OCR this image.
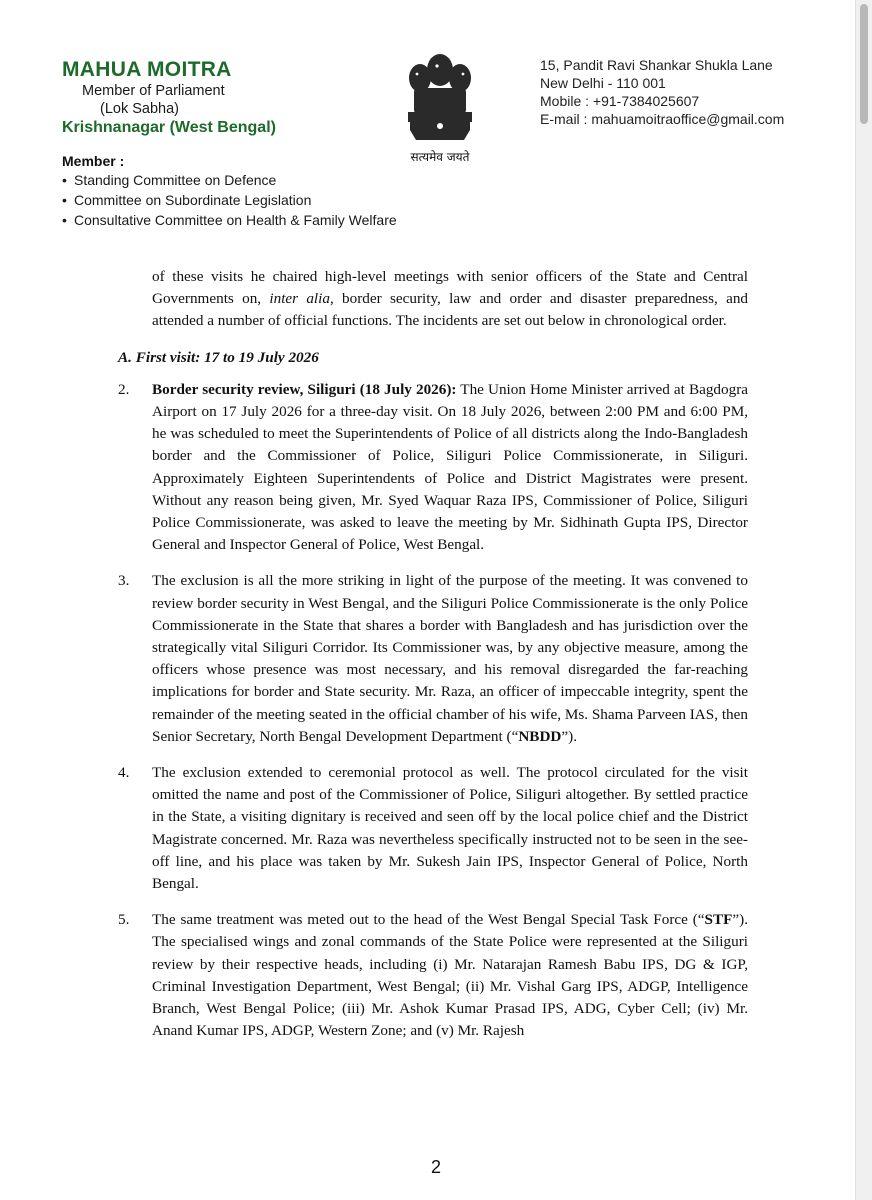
MAHUA MOITRA
Member of Parliament
(Lok Sabha)
Krishnanagar (West Bengal)
Member :
• Standing Committee on Defence
• Committee on Subordinate Legislation
• Consultative Committee on Health & Family Welfare
सत्यमेव जयते
15, Pandit Ravi Shankar Shukla Lane
New Delhi - 110 001
Mobile : +91-7384025607
E-mail : mahuamoitraoffice@gmail.com

of these visits he chaired high-level meetings with senior officers of the State and Central Governments on, inter alia, border security, law and order and disaster preparedness, and attended a number of official functions. The incidents are set out below in chronological order.

A. First visit: 17 to 19 July 2026

2.	Border security review, Siliguri (18 July 2026): The Union Home Minister arrived at Bagdogra Airport on 17 July 2026 for a three-day visit. On 18 July 2026, between 2:00 PM and 6:00 PM, he was scheduled to meet the Superintendents of Police of all districts along the Indo-Bangladesh border and the Commissioner of Police, Siliguri Police Commissionerate, in Siliguri. Approximately Eighteen Superintendents of Police and District Magistrates were present. Without any reason being given, Mr. Syed Waquar Raza IPS, Commissioner of Police, Siliguri Police Commissionerate, was asked to leave the meeting by Mr. Sidhinath Gupta IPS, Director General and Inspector General of Police, West Bengal.

3.	The exclusion is all the more striking in light of the purpose of the meeting. It was convened to review border security in West Bengal, and the Siliguri Police Commissionerate is the only Police Commissionerate in the State that shares a border with Bangladesh and has jurisdiction over the strategically vital Siliguri Corridor. Its Commissioner was, by any objective measure, among the officers whose presence was most necessary, and his removal disregarded the far-reaching implications for border and State security. Mr. Raza, an officer of impeccable integrity, spent the remainder of the meeting seated in the official chamber of his wife, Ms. Shama Parveen IAS, then Senior Secretary, North Bengal Development Department (“NBDD”).

4.	The exclusion extended to ceremonial protocol as well. The protocol circulated for the visit omitted the name and post of the Commissioner of Police, Siliguri altogether. By settled practice in the State, a visiting dignitary is received and seen off by the local police chief and the District Magistrate concerned. Mr. Raza was nevertheless specifically instructed not to be seen in the see-off line, and his place was taken by Mr. Sukesh Jain IPS, Inspector General of Police, North Bengal.

5.	The same treatment was meted out to the head of the West Bengal Special Task Force (“STF”). The specialised wings and zonal commands of the State Police were represented at the Siliguri review by their respective heads, including (i) Mr. Natarajan Ramesh Babu IPS, DG & IGP, Criminal Investigation Department, West Bengal; (ii) Mr. Vishal Garg IPS, ADGP, Intelligence Branch, West Bengal Police; (iii) Mr. Ashok Kumar Prasad IPS, ADG, Cyber Cell; (iv) Mr. Anand Kumar IPS, ADGP, Western Zone; and (v) Mr. Rajesh

2
